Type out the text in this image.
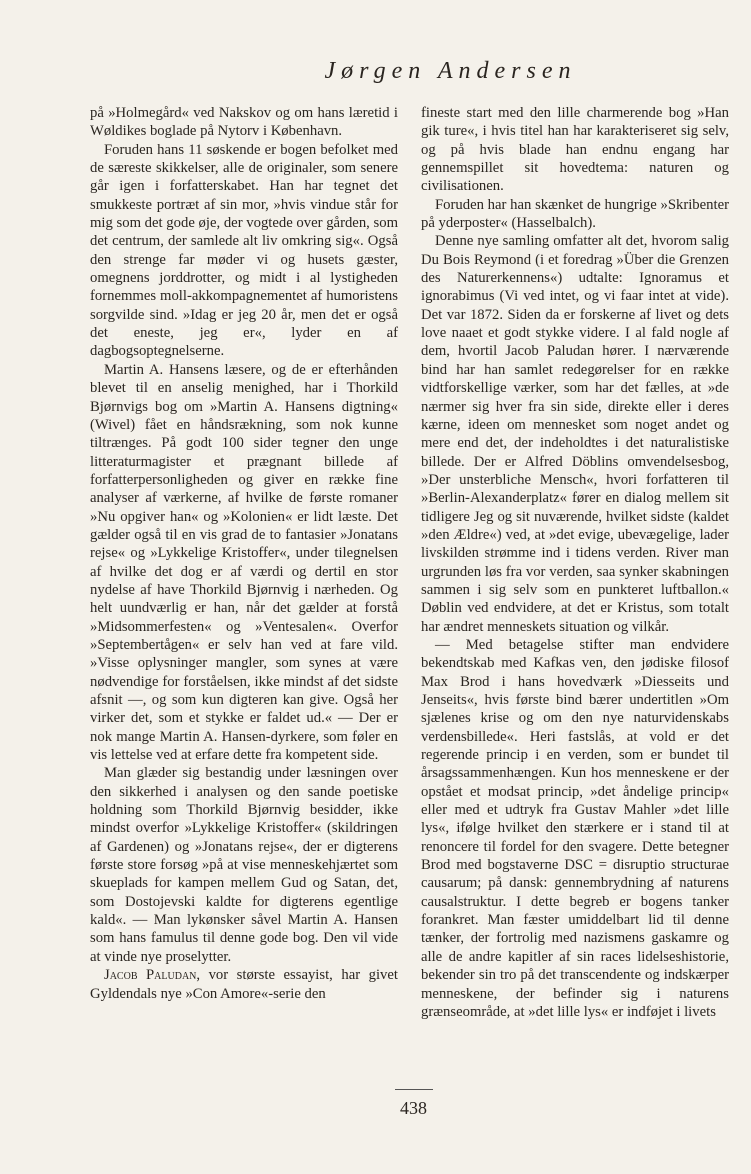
Jørgen Andersen

på »Holmegård« ved Nakskov og om hans læretid i Wøldikes boglade på Nytorv i København.

Foruden hans 11 søskende er bogen befolket med de særeste skikkelser, alle de originaler, som senere går igen i forfatterskabet. Han har tegnet det smukkeste portræt af sin mor, »hvis vindue står for mig som det gode øje, der vogtede over gården, som det centrum, der samlede alt liv omkring sig«. Også den strenge far møder vi og husets gæster, omegnens jorddrotter, og midt i al lystigheden fornemmes moll-akkompagnementet af humoristens sorgvilde sind. »Idag er jeg 20 år, men det er også det eneste, jeg er«, lyder en af dagbogsoptegnelserne.

Martin A. Hansens læsere, og de er efterhånden blevet til en anselig menighed, har i Thorkild Bjørnvigs bog om »Martin A. Hansens digtning« (Wivel) fået en håndsrækning, som nok kunne tiltrænges. På godt 100 sider tegner den unge litteraturmagister et prægnant billede af forfatterpersonligheden og giver en række fine analyser af værkerne, af hvilke de første romaner »Nu opgiver han« og »Kolonien« er lidt læste. Det gælder også til en vis grad de to fantasier »Jonatans rejse« og »Lykkelige Kristoffer«, under tilegnelsen af hvilke det dog er af værdi og dertil en stor nydelse af have Thorkild Bjørnvig i nærheden. Og helt uundværlig er han, når det gælder at forstå »Midsommerfesten« og »Ventesalen«. Overfor »Septembertågen« er selv han ved at fare vild. »Visse oplysninger mangler, som synes at være nødvendige for forståelsen, ikke mindst af det sidste afsnit —, og som kun digteren kan give. Også her virker det, som et stykke er faldet ud.« — Der er nok mange Martin A. Hansen-dyrkere, som føler en vis lettelse ved at erfare dette fra kompetent side.

Man glæder sig bestandig under læsningen over den sikkerhed i analysen og den sande poetiske holdning som Thorkild Bjørnvig besidder, ikke mindst overfor »Lykkelige Kristoffer« (skildringen af Gardenen) og »Jonatans rejse«, der er digterens første store forsøg »på at vise menneskehjærtet som skueplads for kampen mellem Gud og Satan, det, som Dostojevski kaldte for digterens egentlige kald«. — Man lykønsker såvel Martin A. Hansen som hans famulus til denne gode bog. Den vil vide at vinde nye proselytter.

Jacob Paludan, vor største essayist, har givet Gyldendals nye »Con Amore«-serie den

fineste start med den lille charmerende bog »Han gik ture«, i hvis titel han har karakteriseret sig selv, og på hvis blade han endnu engang har gennemspillet sit hovedtema: naturen og civilisationen.

Foruden har han skænket de hungrige »Skribenter på yderposter« (Hasselbalch).

Denne nye samling omfatter alt det, hvorom salig Du Bois Reymond (i et foredrag »Über die Grenzen des Naturerkennens«) udtalte: Ignoramus et ignorabimus (Vi ved intet, og vi faar intet at vide). Det var 1872. Siden da er forskerne af livet og dets love naaet et godt stykke videre. I al fald nogle af dem, hvortil Jacob Paludan hører. I nærværende bind har han samlet redegørelser for en række vidtforskellige værker, som har det fælles, at »de nærmer sig hver fra sin side, direkte eller i deres kærne, ideen om mennesket som noget andet og mere end det, der indeholdtes i det naturalistiske billede. Der er Alfred Döblins omvendelsesbog, »Der unsterbliche Mensch«, hvori forfatteren til »Berlin-Alexanderplatz« fører en dialog mellem sit tidligere Jeg og sit nuværende, hvilket sidste (kaldet »den Ældre«) ved, at »det evige, ubevægelige, lader livskilden strømme ind i tidens verden. River man urgrunden løs fra vor verden, saa synker skabningen sammen i sig selv som en punkteret luftballon.« Døblin ved endvidere, at det er Kristus, som totalt har ændret menneskets situation og vilkår.

— Med betagelse stifter man endvidere bekendtskab med Kafkas ven, den jødiske filosof Max Brod i hans hovedværk »Diesseits und Jenseits«, hvis første bind bærer undertitlen »Om sjælenes krise og om den nye naturvidenskabs verdensbillede«. Heri fastslås, at vold er det regerende princip i en verden, som er bundet til årsagssammenhængen. Kun hos menneskene er der opstået et modsat princip, »det åndelige princip« eller med et udtryk fra Gustav Mahler »det lille lys«, ifølge hvilket den stærkere er i stand til at renoncere til fordel for den svagere. Dette betegner Brod med bogstaverne DSC = disruptio structurae causarum; på dansk: gennembrydning af naturens causalstruktur. I dette begreb er bogens tanker forankret. Man fæster umiddelbart lid til denne tænker, der fortrolig med nazismens gaskamre og alle de andre kapitler af sin races lidelseshistorie, bekender sin tro på det transcendente og indskærper menneskene, der befinder sig i naturens grænseområde, at »det lille lys« er indføjet i livets

438
